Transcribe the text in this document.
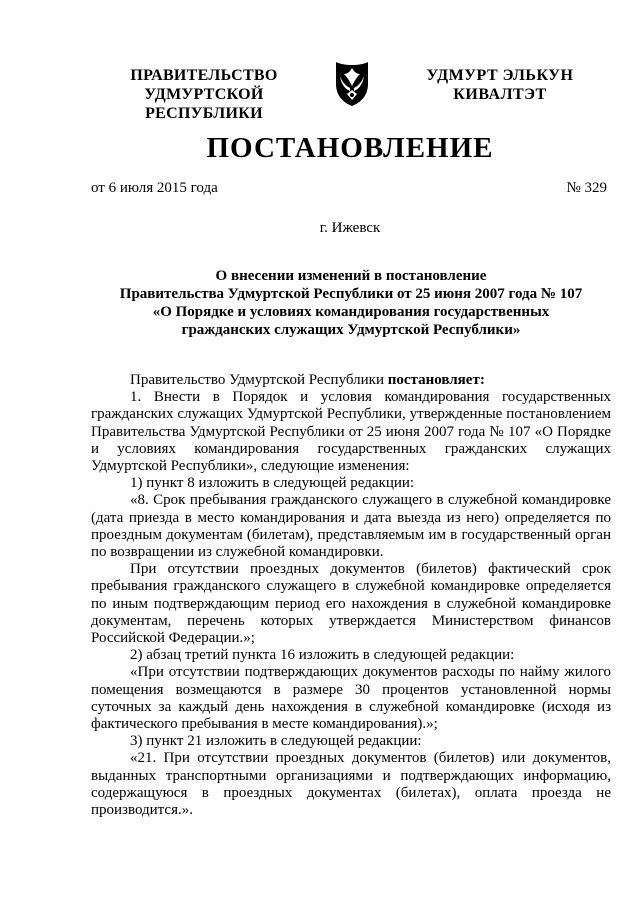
ПРАВИТЕЛЬСТВО
УДМУРТСКОЙ РЕСПУБЛИКИ
УДМУРТ ЭЛЬКУН
КИВАЛТЭТ
ПОСТАНОВЛЕНИЕ
от 6 июля 2015 года	№ 329
г. Ижевск
О внесении изменений в постановление
Правительства Удмуртской Республики от 25 июня 2007 года № 107
«О Порядке и условиях командирования государственных
гражданских служащих Удмуртской Республики»

Правительство Удмуртской Республики постановляет:

1. Внести в Порядок и условия командирования государственных гражданских служащих Удмуртской Республики, утвержденные постановлением Правительства Удмуртской Республики от 25 июня 2007 года № 107 «О Порядке и условиях командирования государственных гражданских служащих Удмуртской Республики», следующие изменения:

1) пункт 8 изложить в следующей редакции:

«8. Срок пребывания гражданского служащего в служебной командировке (дата приезда в место командирования и дата выезда из него) определяется по проездным документам (билетам), представляемым им в государственный орган по возвращении из служебной командировки.

При отсутствии проездных документов (билетов) фактический срок пребывания гражданского служащего в служебной командировке определяется по иным подтверждающим период его нахождения в служебной командировке документам, перечень которых утверждается Министерством финансов Российской Федерации.»;

2) абзац третий пункта 16 изложить в следующей редакции:

«При отсутствии подтверждающих документов расходы по найму жилого помещения возмещаются в размере 30 процентов установленной нормы суточных за каждый день нахождения в служебной командировке (исходя из фактического пребывания в месте командирования).»;

3) пункт 21 изложить в следующей редакции:

«21. При отсутствии проездных документов (билетов) или документов, выданных транспортными организациями и подтверждающих информацию, содержащуюся в проездных документах (билетах), оплата проезда не производится.».
